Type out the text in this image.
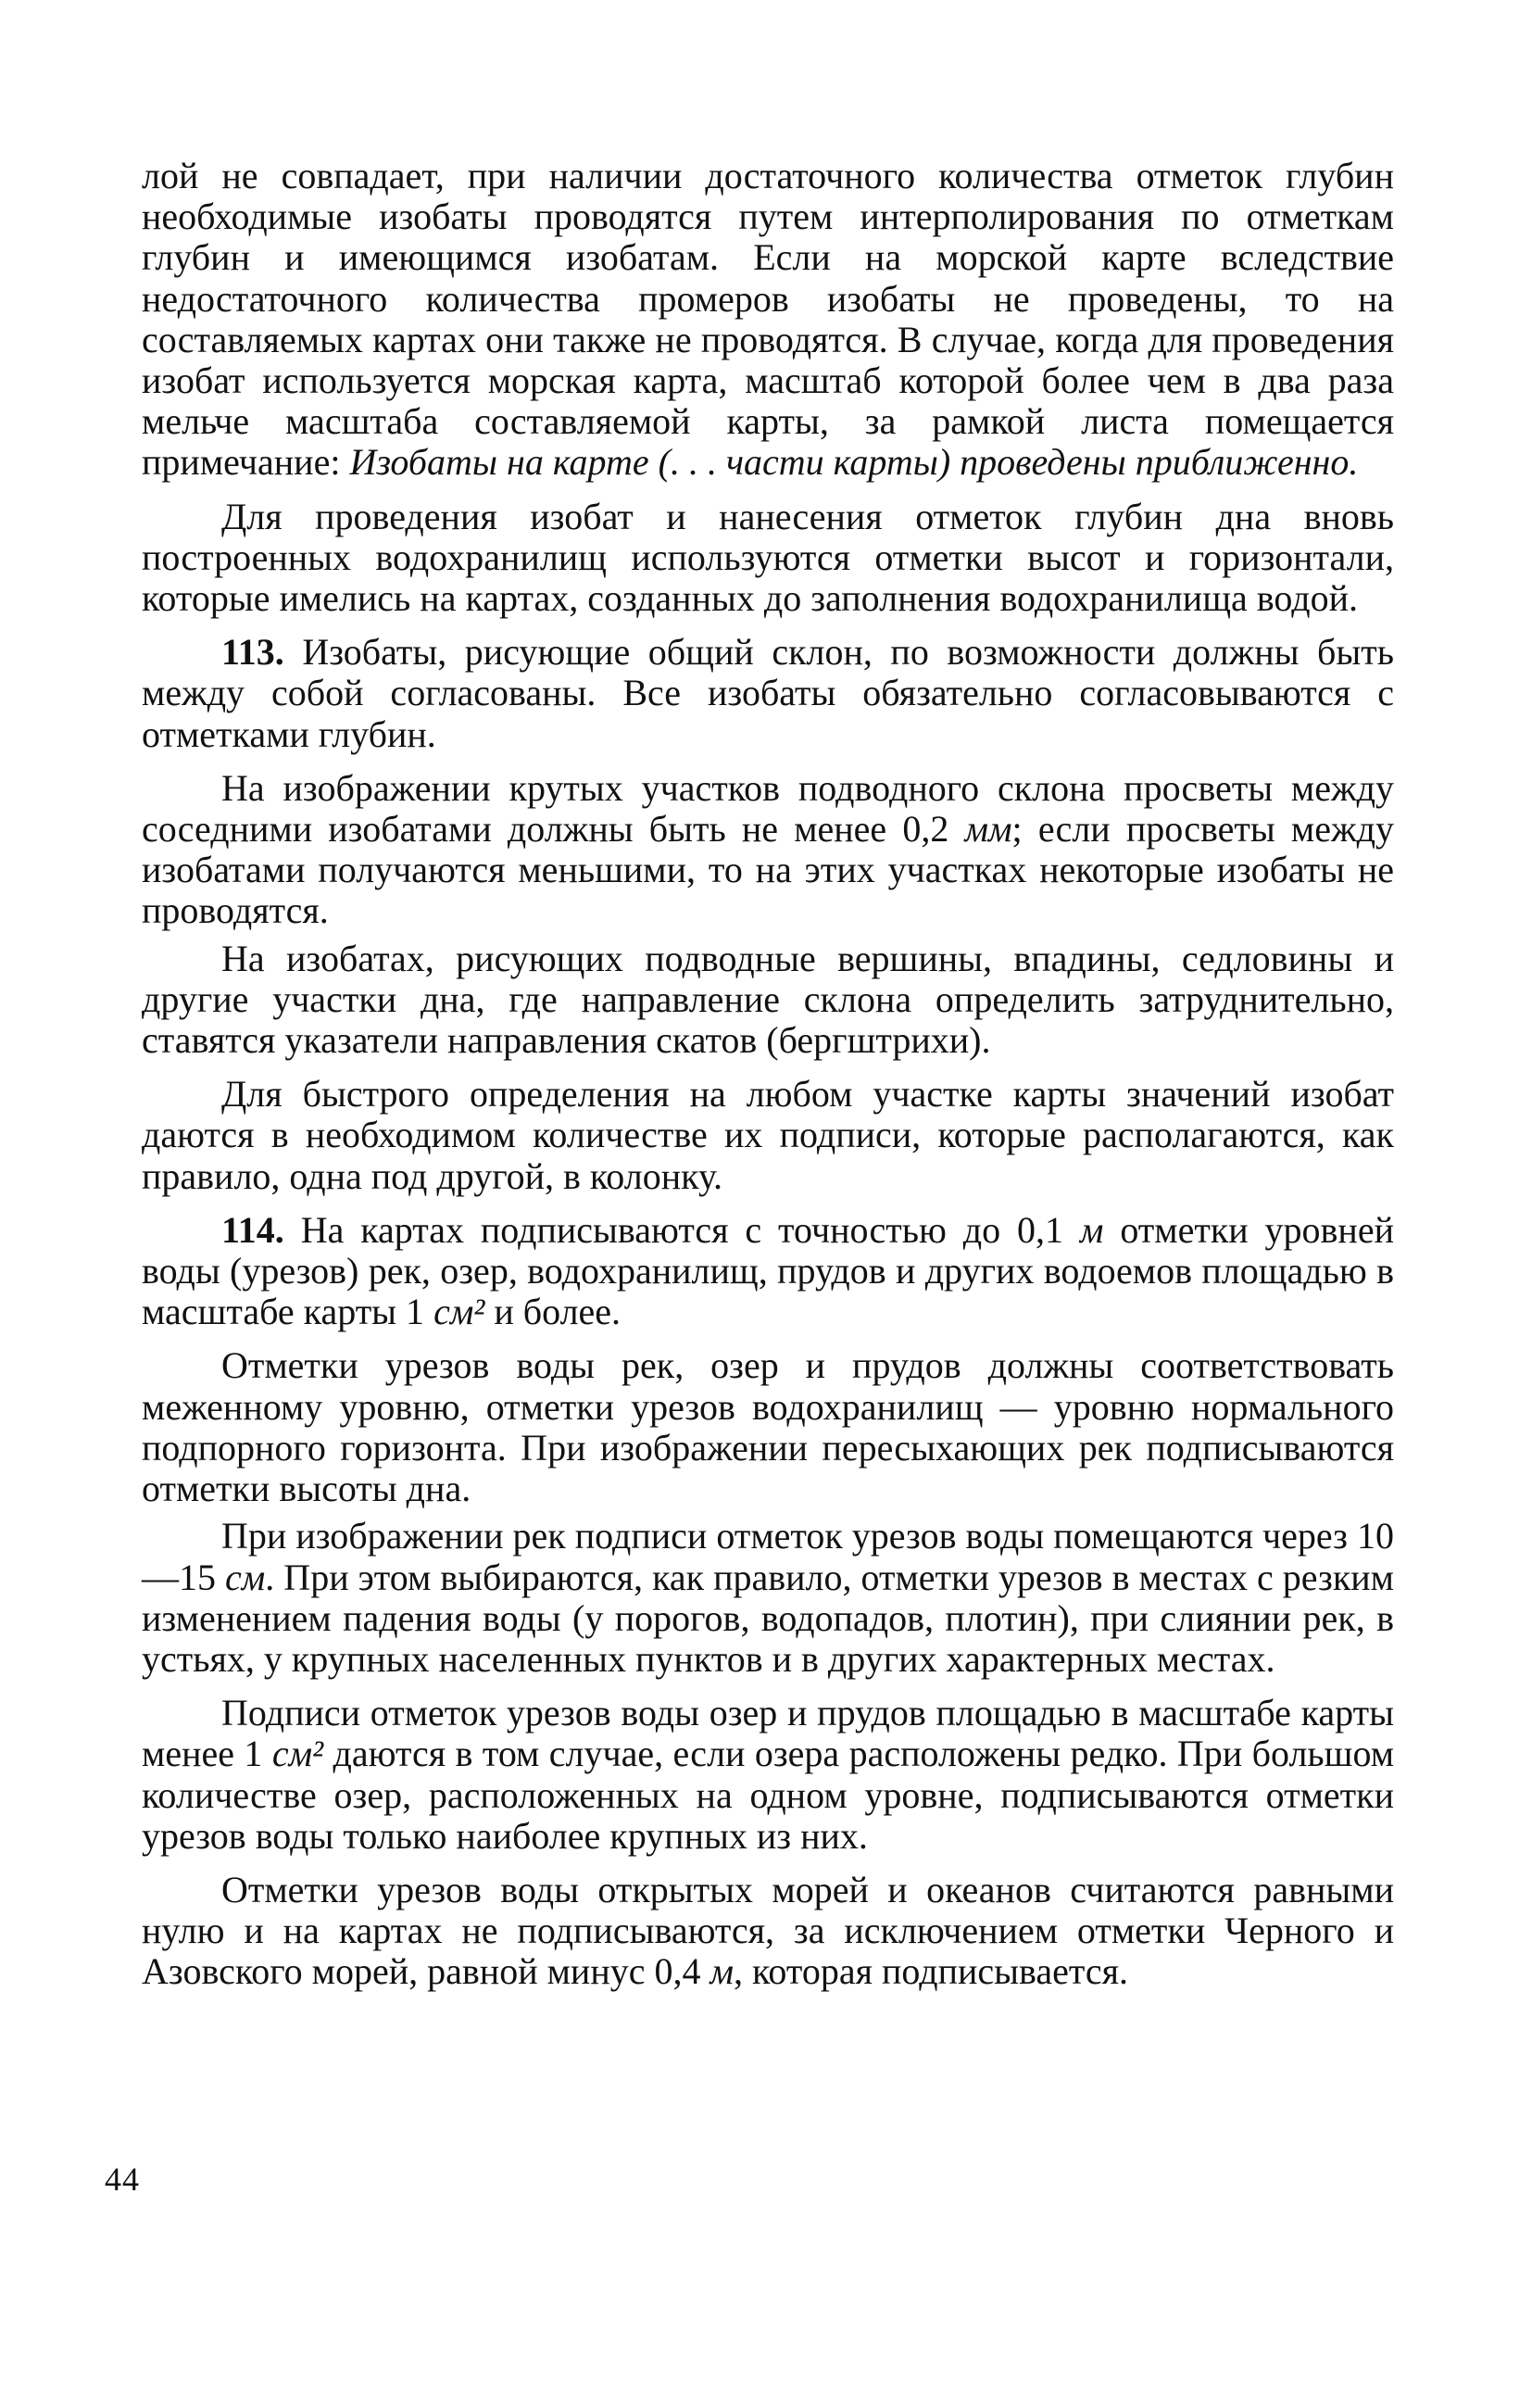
лой не совпадает, при наличии достаточного количества отметок глубин необходимые изобаты проводятся путем интерполирования по отметкам глубин и имеющимся изобатам. Если на морской карте вследствие недостаточного количества промеров изобаты не проведены, то на составляемых картах они также не проводятся. В случае, когда для проведения изобат используется морская карта, масштаб которой более чем в два раза мельче масштаба составляемой карты, за рамкой листа помещается примечание: Изобаты на карте (. . . части карты) проведены приближенно.

Для проведения изобат и нанесения отметок глубин дна вновь построенных водохранилищ используются отметки высот и горизонтали, которые имелись на картах, созданных до заполнения водохранилища водой.

113. Изобаты, рисующие общий склон, по возможности должны быть между собой согласованы. Все изобаты обязательно согласовываются с отметками глубин.

На изображении крутых участков подводного склона просветы между соседними изобатами должны быть не менее 0,2 мм; если просветы между изобатами получаются меньшими, то на этих участках некоторые изобаты не проводятся.

На изобатах, рисующих подводные вершины, впадины, седловины и другие участки дна, где направление склона определить затруднительно, ставятся указатели направления скатов (бергштрихи).

Для быстрого определения на любом участке карты значений изобат даются в необходимом количестве их подписи, которые располагаются, как правило, одна под другой, в колонку.

114. На картах подписываются с точностью до 0,1 м отметки уровней воды (урезов) рек, озер, водохранилищ, прудов и других водоемов площадью в масштабе карты 1 см² и более.

Отметки урезов воды рек, озер и прудов должны соответствовать меженному уровню, отметки урезов водохранилищ — уровню нормального подпорного горизонта. При изображении пересыхающих рек подписываются отметки высоты дна.

При изображении рек подписи отметок урезов воды помещаются через 10—15 см. При этом выбираются, как правило, отметки урезов в местах с резким изменением падения воды (у порогов, водопадов, плотин), при слиянии рек, в устьях, у крупных населенных пунктов и в других характерных местах.

Подписи отметок урезов воды озер и прудов площадью в масштабе карты менее 1 см² даются в том случае, если озера расположены редко. При большом количестве озер, расположенных на одном уровне, подписываются отметки урезов воды только наиболее крупных из них.

Отметки урезов воды открытых морей и океанов считаются равными нулю и на картах не подписываются, за исключением отметки Черного и Азовского морей, равной минус 0,4 м, которая подписывается.

44
